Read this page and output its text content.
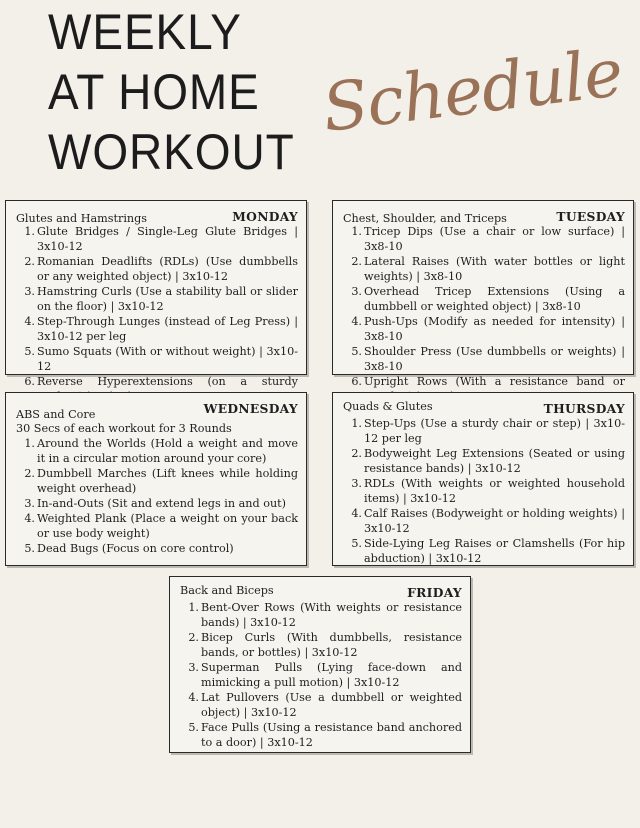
WEEKLY
AT HOME
WORKOUT
Schedule
Glutes and Hamstrings	MONDAY
1. Glute Bridges / Single-Leg Glute Bridges | 3x10-12
2. Romanian Deadlifts (RDLs) (Use dumbbells or any weighted object) | 3x10-12
3. Hamstring Curls (Use a stability ball or slider on the floor) | 3x10-12
4. Step-Through Lunges (instead of Leg Press) | 3x10-12 per leg
5. Sumo Squats (With or without weight) | 3x10-12
6. Reverse Hyperextensions (on a sturdy
Chest, Shoulder, and Triceps	TUESDAY
1. Tricep Dips (Use a chair or low surface) | 3x8-10
2. Lateral Raises (With water bottles or light weights) | 3x8-10
3. Overhead Tricep Extensions (Using a dumbbell or weighted object) | 3x8-10
4. Push-Ups (Modify as needed for intensity) | 3x8-10
5. Shoulder Press (Use dumbbells or weights) | 3x8-10
6. Upright Rows (With a resistance band or
ABS and Core	WEDNESDAY
30 Secs of each workout for 3 Rounds
1. Around the Worlds (Hold a weight and move it in a circular motion around your core)
2. Dumbbell Marches (Lift knees while holding weight overhead)
3. In-and-Outs (Sit and extend legs in and out)
4. Weighted Plank (Place a weight on your back or use body weight)
5. Dead Bugs (Focus on core control)
Quads & Glutes	THURSDAY
1. Step-Ups (Use a sturdy chair or step) | 3x10-12 per leg
2. Bodyweight Leg Extensions (Seated or using resistance bands) | 3x10-12
3. RDLs (With weights or weighted household items) | 3x10-12
4. Calf Raises (Bodyweight or holding weights) | 3x10-12
5. Side-Lying Leg Raises or Clamshells (For hip abduction) | 3x10-12
Back and Biceps	FRIDAY
1. Bent-Over Rows (With weights or resistance bands) | 3x10-12
2. Bicep Curls (With dumbbells, resistance bands, or bottles) | 3x10-12
3. Superman Pulls (Lying face-down and mimicking a pull motion) | 3x10-12
4. Lat Pullovers (Use a dumbbell or weighted object) | 3x10-12
5. Face Pulls (Using a resistance band anchored to a door) | 3x10-12
